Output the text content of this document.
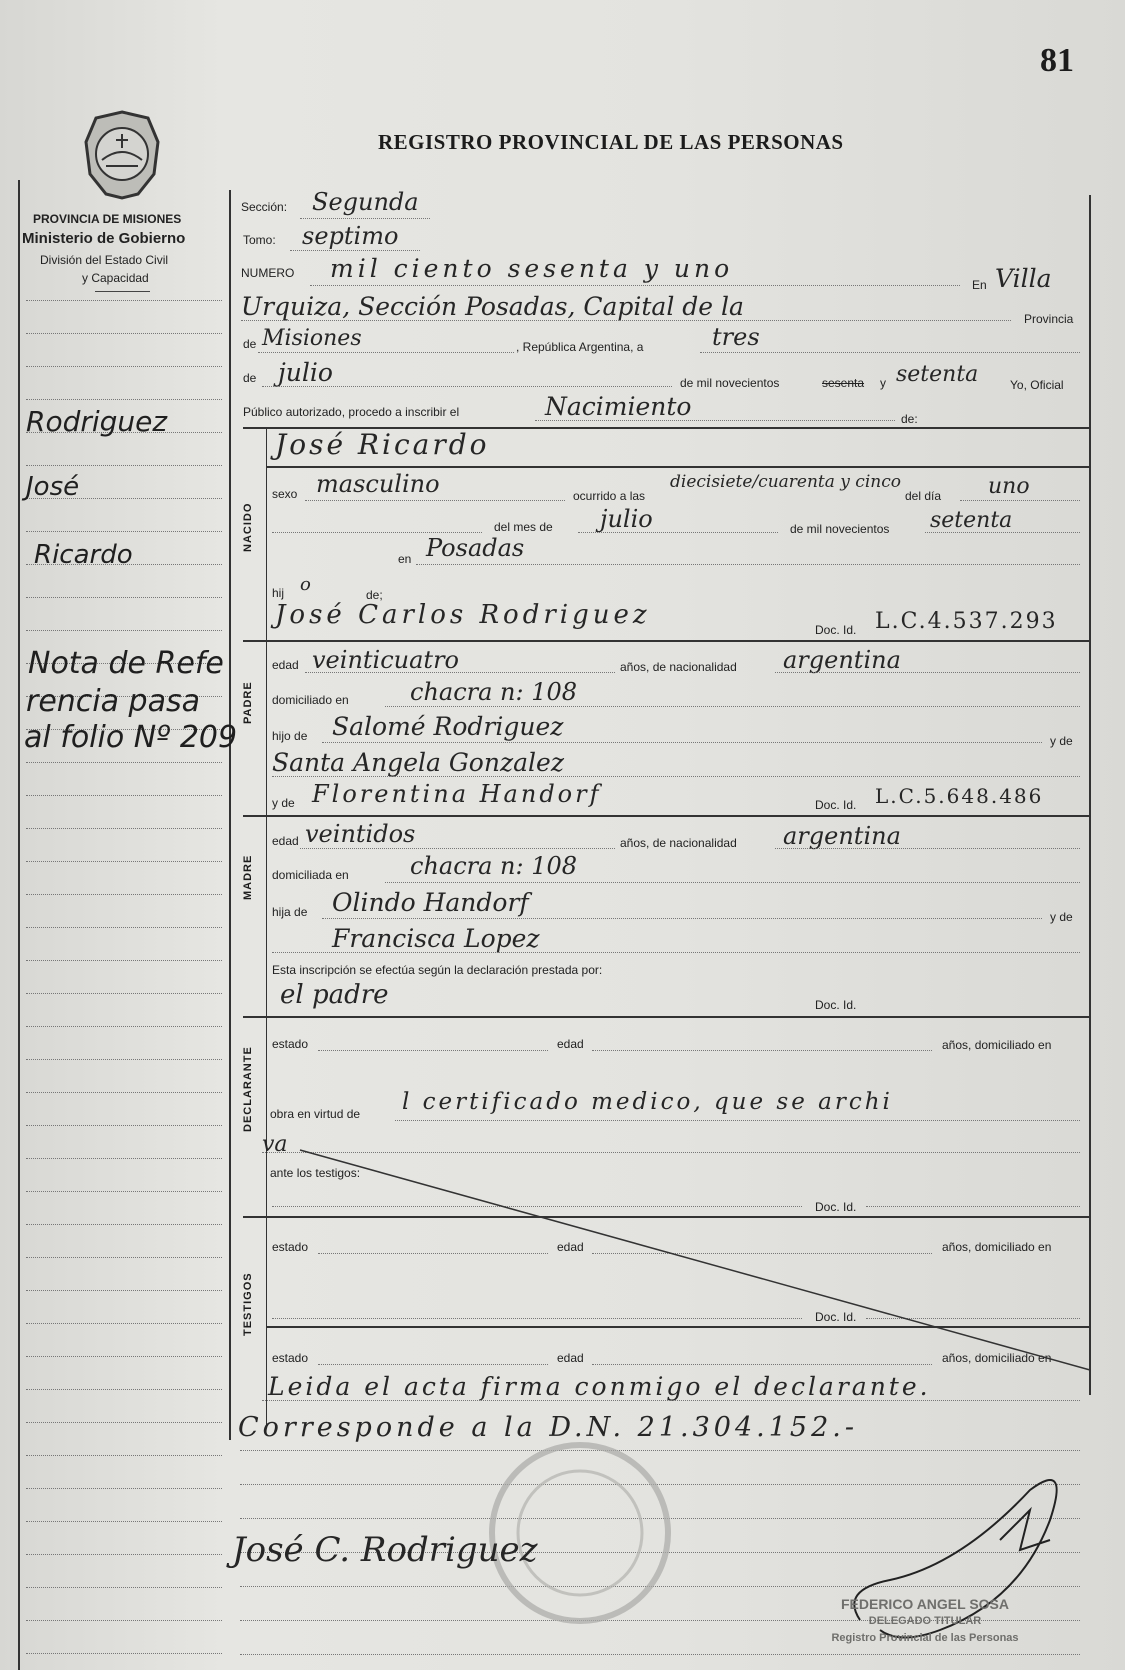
81
PROVINCIA DE MISIONES
Ministerio de Gobierno
División del Estado Civil
y Capacidad
REGISTRO PROVINCIAL DE LAS PERSONAS
Rodriguez
José
Ricardo
Nota de Refe
rencia pasa
al folio Nº 209
Sección: Segunda
Tomo: septimo
NUMERO mil ciento sesenta y uno
En Villa
Urquiza, Sección Posadas, Capital de la	Provincia
de Misiones	, República Argentina, a	tres
de julio	de mil novecientos	sesenta y setenta	Yo, Oficial
Público autorizado, procedo a inscribir el	Nacimiento	de:
NACIDO
José Ricardo
sexo masculino	ocurrido a las
diecisiete/cuarenta y cinco
del día uno
del mes de julio	de mil novecientos setenta
en Posadas
hij o	de;
José Carlos Rodriguez	Doc. Id. L.C.4.537.293
PADRE
edad veinticuatro	años, de nacionalidad argentina
domiciliado en	chacra n: 108
hijo de Salomé Rodriguez	y de
Santa Angela Gonzalez
y de Florentina Handorf	Doc. Id. L.C.5.648.486
MADRE
edad veintidos	años, de nacionalidad argentina
domiciliada en	chacra n: 108
hija de Olindo Handorf	y de
Francisca Lopez
Esta inscripción se efectúa según la declaración prestada por:
el padre	Doc. Id.
DECLARANTE
estado	edad	años, domiciliado en
obra en virtud de l certificado medico, que se archi
va
ante los testigos:
Doc. Id.
TESTIGOS
estado	edad	años, domiciliado en
Doc. Id.
estado	edad	años, domiciliado en
Leida el acta firma conmigo el declarante.
Corresponde a la D.N. 21.304.152.-
José C. Rodriguez
FEDERICO ANGEL SOSA
DELEGADO TITULAR
Registro Provincial de las Personas
